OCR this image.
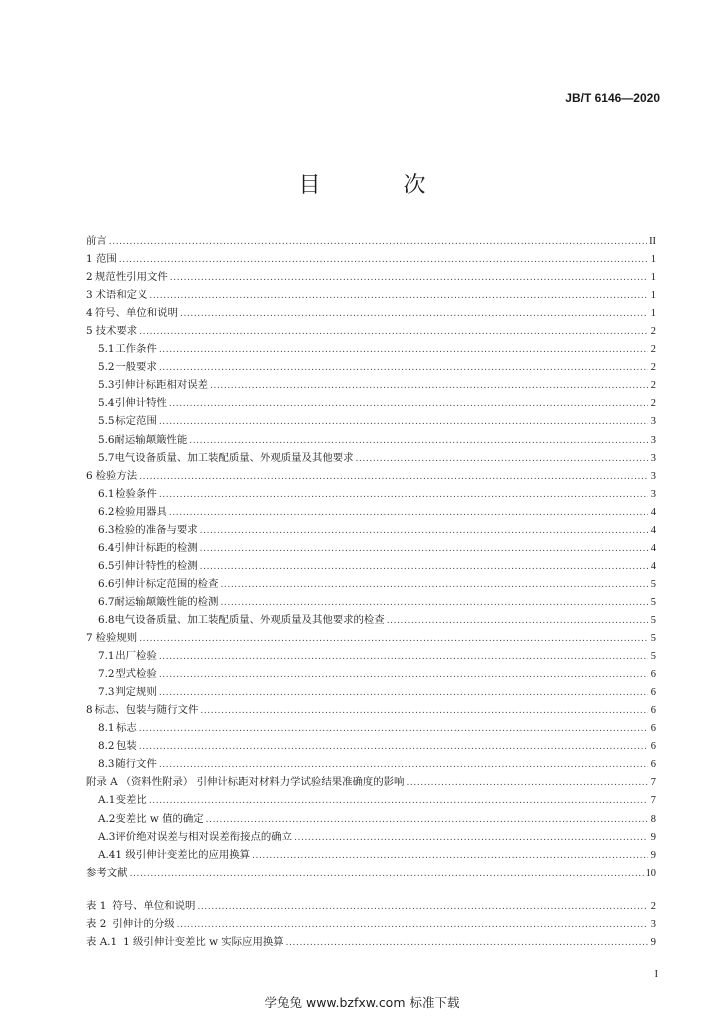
JB/T 6146—2020
目 次
前言 .....	II
1 范围 .....	1
2 规范性引用文件 .....	1
3 术语和定义 .....	1
4 符号、单位和说明 .....	1
5 技术要求 .....	2
5.1 工作条件 .....	2
5.2 一般要求 .....	2
5.3 引伸计标距相对误差 .....	2
5.4 引伸计特性 .....	2
5.5 标定范围 .....	3
5.6 耐运输颠簸性能 .....	3
5.7 电气设备质量、加工装配质量、外观质量及其他要求 .....	3
6 检验方法 .....	3
6.1 检验条件 .....	3
6.2 检验用器具 .....	4
6.3 检验的准备与要求 .....	4
6.4 引伸计标距的检测 .....	4
6.5 引伸计特性的检测 .....	4
6.6 引伸计标定范围的检查 .....	5
6.7 耐运输颠簸性能的检测 .....	5
6.8 电气设备质量、加工装配质量、外观质量及其他要求的检查 .....	5
7 检验规则 .....	5
7.1 出厂检验 .....	5
7.2 型式检验 .....	6
7.3 判定规则 .....	6
8 标志、包装与随行文件 .....	6
8.1 标志 .....	6
8.2 包装 .....	6
8.3 随行文件 .....	6
附录 A （资料性附录） 引伸计标距对材料力学试验结果准确度的影响 .....	7
A.1 变差比 .....	7
A.2 变差比 w 值的确定 .....	8
A.3 评价绝对误差与相对误差衔接点的确立 .....	9
A.4 1 级引伸计变差比的应用换算 .....	9
参考文献 .....	10
表 1 符号、单位和说明 .....	2
表 2 引伸计的分级 .....	3
表 A.1 1 级引伸计变差比 w 实际应用换算 .....	9
I
学兔兔 www.bzfxw.com 标准下载
